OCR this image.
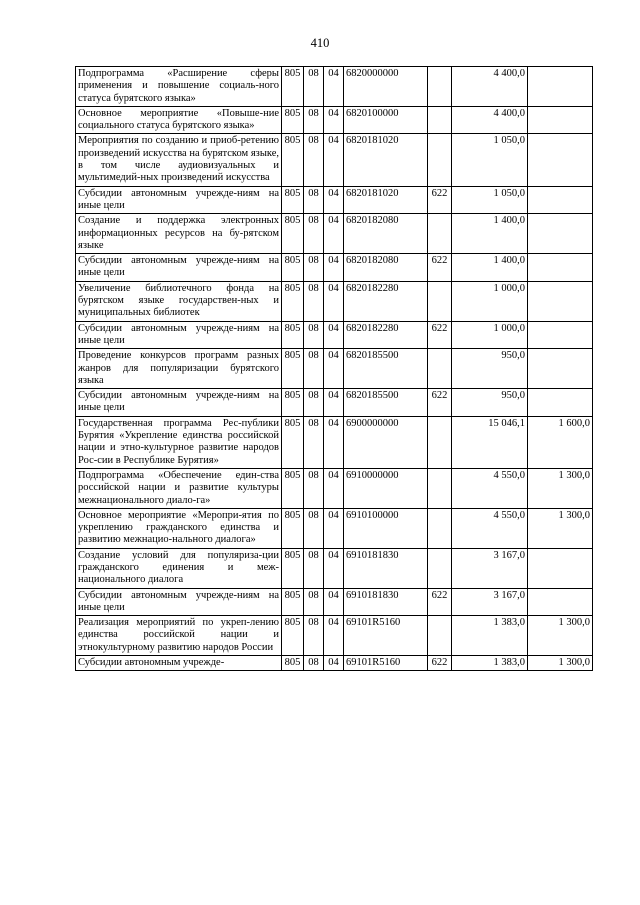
410
Подпрограмма «Расширение сферы применения и повышение социаль-ного статуса бурятского языка»	805	08	04	6820000000		4 400,0	
Основное мероприятие «Повыше-ние социального статуса бурятского языка»	805	08	04	6820100000		4 400,0	
Мероприятия по созданию и приоб-ретению произведений искусства на бурятском языке, в том числе аудиовизуальных и мультимедий-ных произведений искусства	805	08	04	6820181020		1 050,0	
Субсидии автономным учрежде-ниям на иные цели	805	08	04	6820181020	622	1 050,0	
Создание и поддержка электронных информационных ресурсов на бу-рятском языке	805	08	04	6820182080		1 400,0	
Субсидии автономным учрежде-ниям на иные цели	805	08	04	6820182080	622	1 400,0	
Увеличение библиотечного фонда на бурятском языке государствен-ных и муниципальных библиотек	805	08	04	6820182280		1 000,0	
Субсидии автономным учрежде-ниям на иные цели	805	08	04	6820182280	622	1 000,0	
Проведение конкурсов программ разных жанров для популяризации бурятского языка	805	08	04	6820185500		950,0	
Субсидии автономным учрежде-ниям на иные цели	805	08	04	6820185500	622	950,0	
Государственная программа Рес-публики Бурятия «Укрепление единства российской нации и этно-культурное развитие народов Рос-сии в Республике Бурятия»	805	08	04	6900000000		15 046,1	1 600,0
Подпрограмма «Обеспечение един-ства российской нации и развитие культуры межнационального диало-га»	805	08	04	6910000000		4 550,0	1 300,0
Основное мероприятие «Меропри-ятия по укреплению гражданского единства и развитию межнацио-нального диалога»	805	08	04	6910100000		4 550,0	1 300,0
Создание условий для популяриза-ции гражданского единения и меж-национального диалога	805	08	04	6910181830		3 167,0	
Субсидии автономным учрежде-ниям на иные цели	805	08	04	6910181830	622	3 167,0	
Реализация мероприятий по укреп-лению единства российской нации и этнокультурному развитию народов России	805	08	04	69101R5160		1 383,0	1 300,0
Субсидии автономным учрежде-	805	08	04	69101R5160	622	1 383,0	1 300,0
